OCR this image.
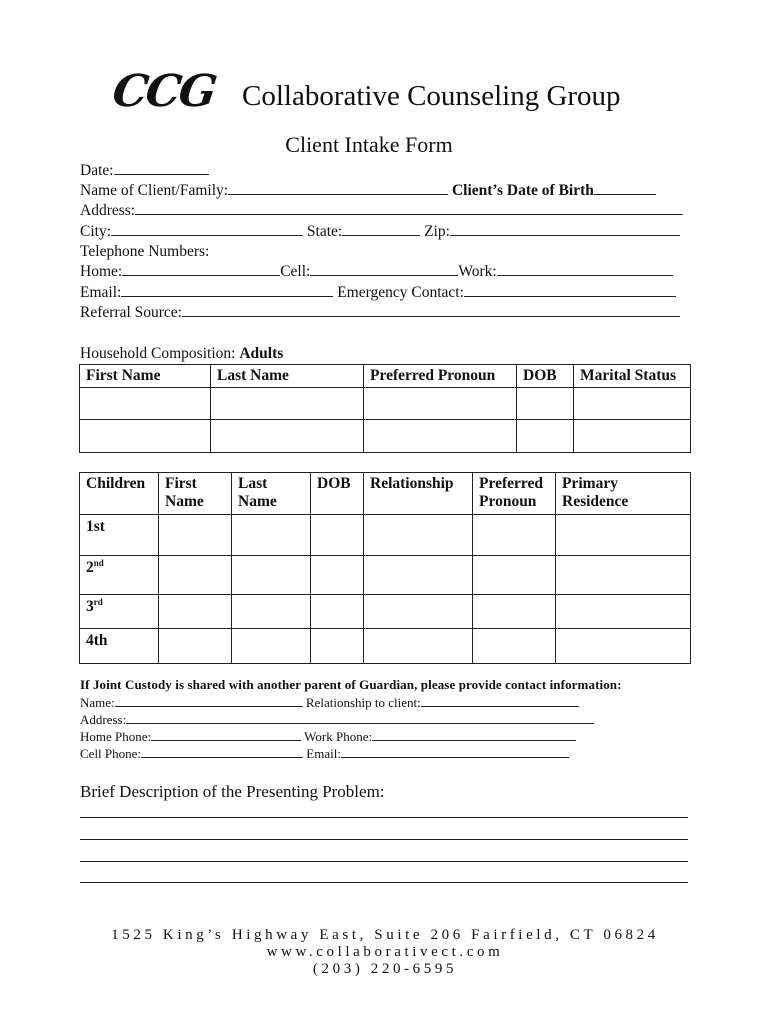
CCG Collaborative Counseling Group
Client Intake Form
Date:
Name of Client/Family:	Client’s Date of Birth
Address:
City:	State:	Zip:
Telephone Numbers:
Home:	Cell:	Work:
Email:	Emergency Contact:
Referral Source:
Household Composition: Adults
First Name	Last Name	Preferred Pronoun	DOB	Marital Status

Children	First Name	Last Name	DOB	Relationship	Preferred Pronoun	Primary Residence
1st						
2nd						
3rd						
4th						
If Joint Custody is shared with another parent of Guardian, please provide contact information:
Name:	Relationship to client:
Address:
Home Phone:	Work Phone:
Cell Phone:	Email:
Brief Description of the Presenting Problem:
1525 King’s Highway East, Suite 206 Fairfield, CT 06824
www.collaborativect.com
(203) 220-6595
